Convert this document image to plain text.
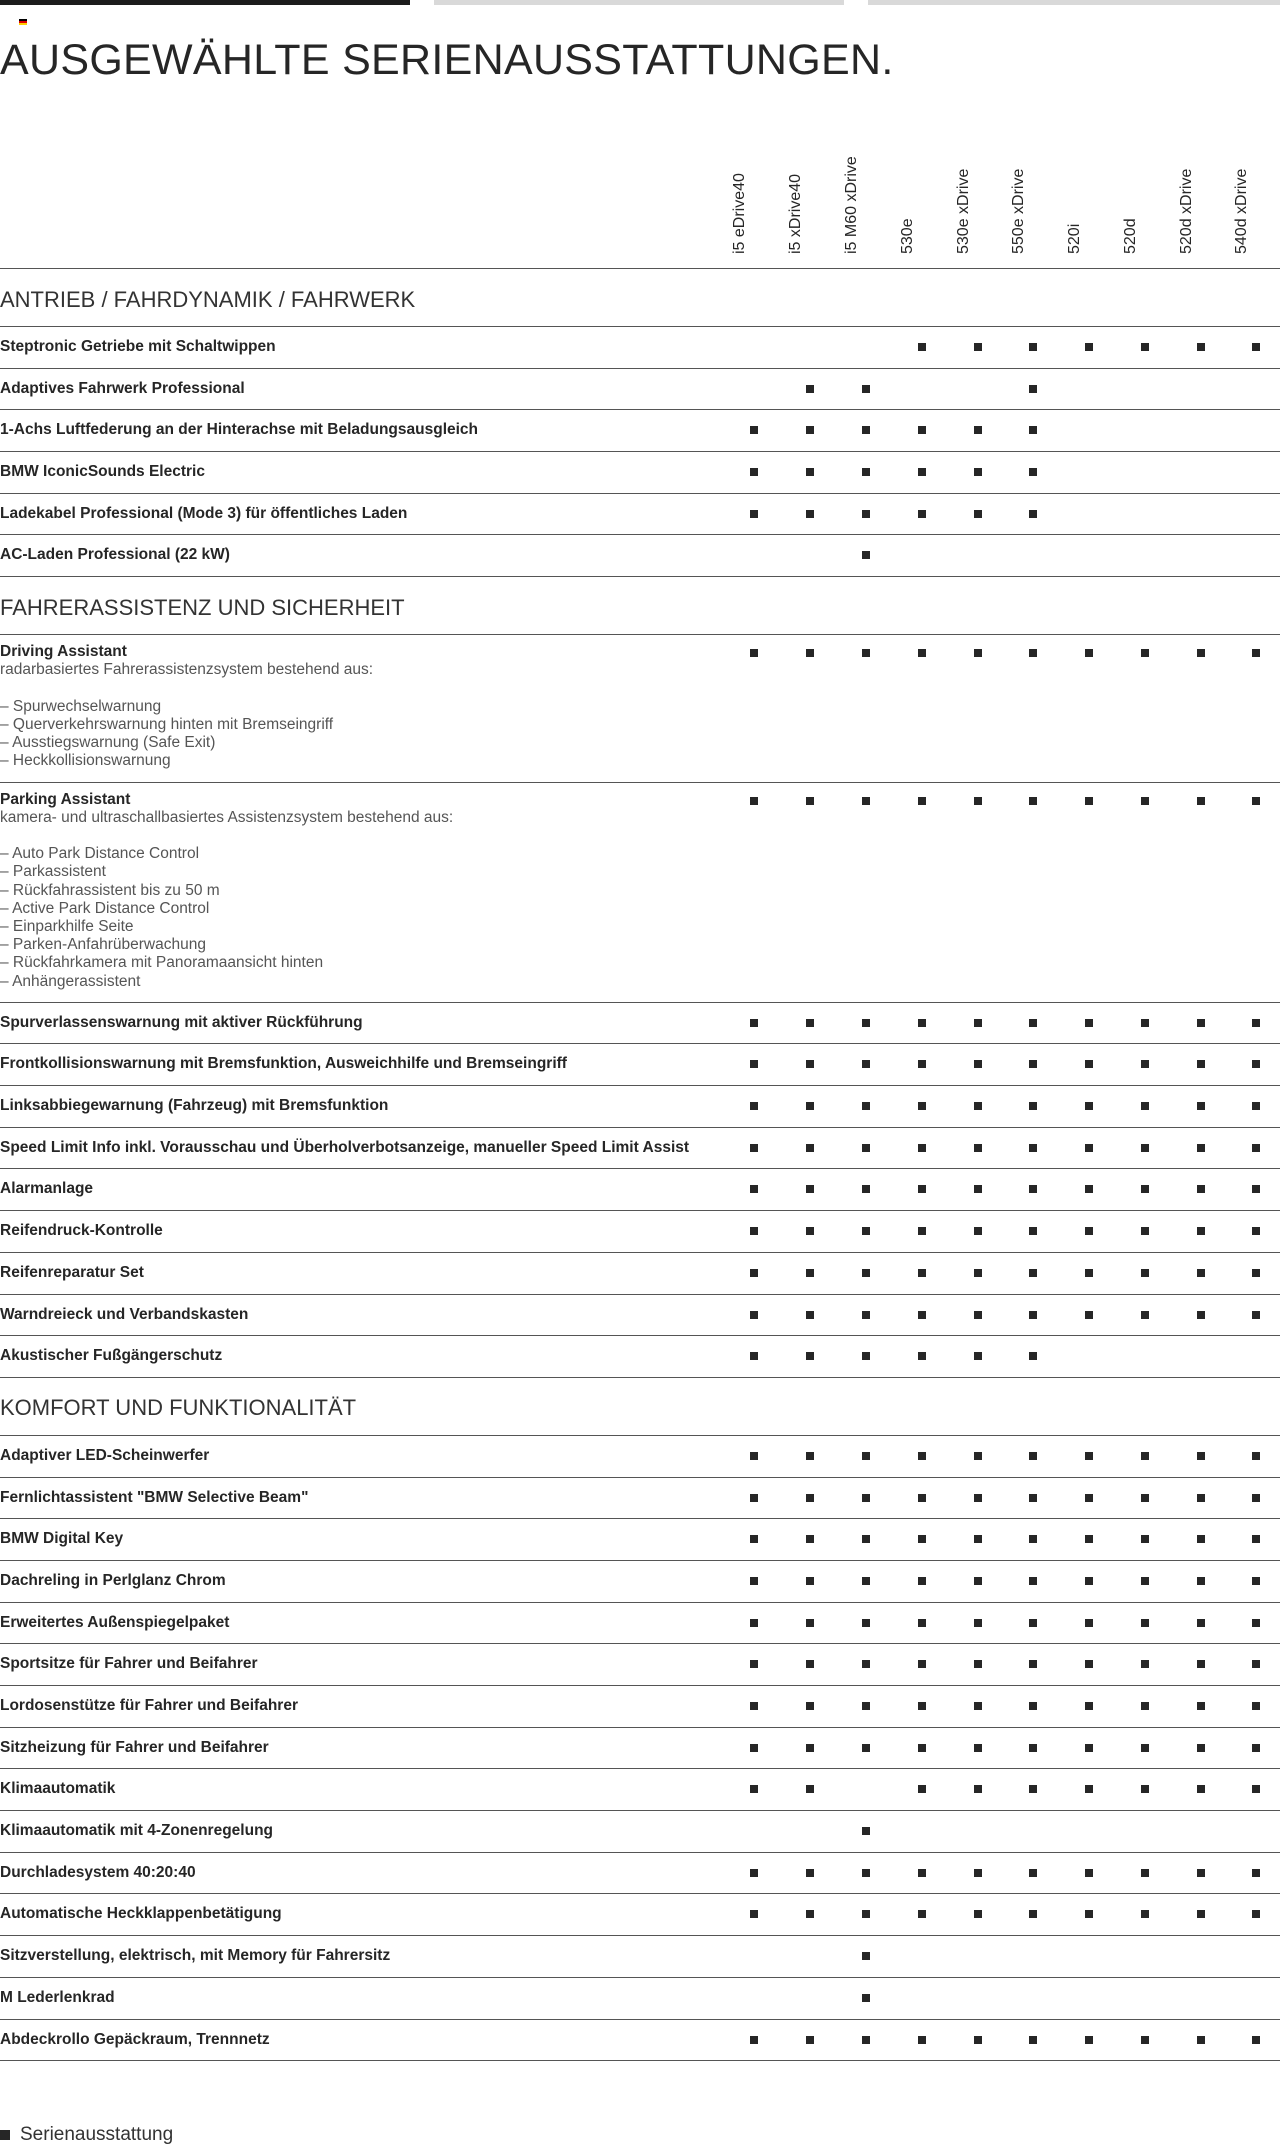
AUSGEWÄHLTE SERIENAUSSTATTUNGEN.
i5 eDrive40 i5 xDrive40 i5 M60 xDrive 530e 530e xDrive 550e xDrive 520i 520d 520d xDrive 540d xDrive
ANTRIEB / FAHRDYNAMIK / FAHRWERK
Steptronic Getriebe mit Schaltwippen
Adaptives Fahrwerk Professional
1-Achs Luftfederung an der Hinterachse mit Beladungsausgleich
BMW IconicSounds Electric
Ladekabel Professional (Mode 3) für öffentliches Laden
AC-Laden Professional (22 kW)
FAHRERASSISTENZ UND SICHERHEIT
Driving Assistant
radarbasiertes Fahrerassistenzsystem bestehend aus:
– Spurwechselwarnung
– Querverkehrswarnung hinten mit Bremseingriff
– Ausstiegswarnung (Safe Exit)
– Heckkollisionswarnung
Parking Assistant
kamera- und ultraschallbasiertes Assistenzsystem bestehend aus:
– Auto Park Distance Control
– Parkassistent
– Rückfahrassistent bis zu 50 m
– Active Park Distance Control
– Einparkhilfe Seite
– Parken-Anfahrüberwachung
– Rückfahrkamera mit Panoramaansicht hinten
– Anhängerassistent
Spurverlassenswarnung mit aktiver Rückführung
Frontkollisionswarnung mit Bremsfunktion, Ausweichhilfe und Bremseingriff
Linksabbiegewarnung (Fahrzeug) mit Bremsfunktion
Speed Limit Info inkl. Vorausschau und Überholverbotsanzeige, manueller Speed Limit Assist
Alarmanlage
Reifendruck-Kontrolle
Reifenreparatur Set
Warndreieck und Verbandskasten
Akustischer Fußgängerschutz
KOMFORT UND FUNKTIONALITÄT
Adaptiver LED-Scheinwerfer
Fernlichtassistent "BMW Selective Beam"
BMW Digital Key
Dachreling in Perlglanz Chrom
Erweitertes Außenspiegelpaket
Sportsitze für Fahrer und Beifahrer
Lordosenstütze für Fahrer und Beifahrer
Sitzheizung für Fahrer und Beifahrer
Klimaautomatik
Klimaautomatik mit 4-Zonenregelung
Durchladesystem 40:20:40
Automatische Heckklappenbetätigung
Sitzverstellung, elektrisch, mit Memory für Fahrersitz
M Lederlenkrad
Abdeckrollo Gepäckraum, Trennnetz
Serienausstattung
